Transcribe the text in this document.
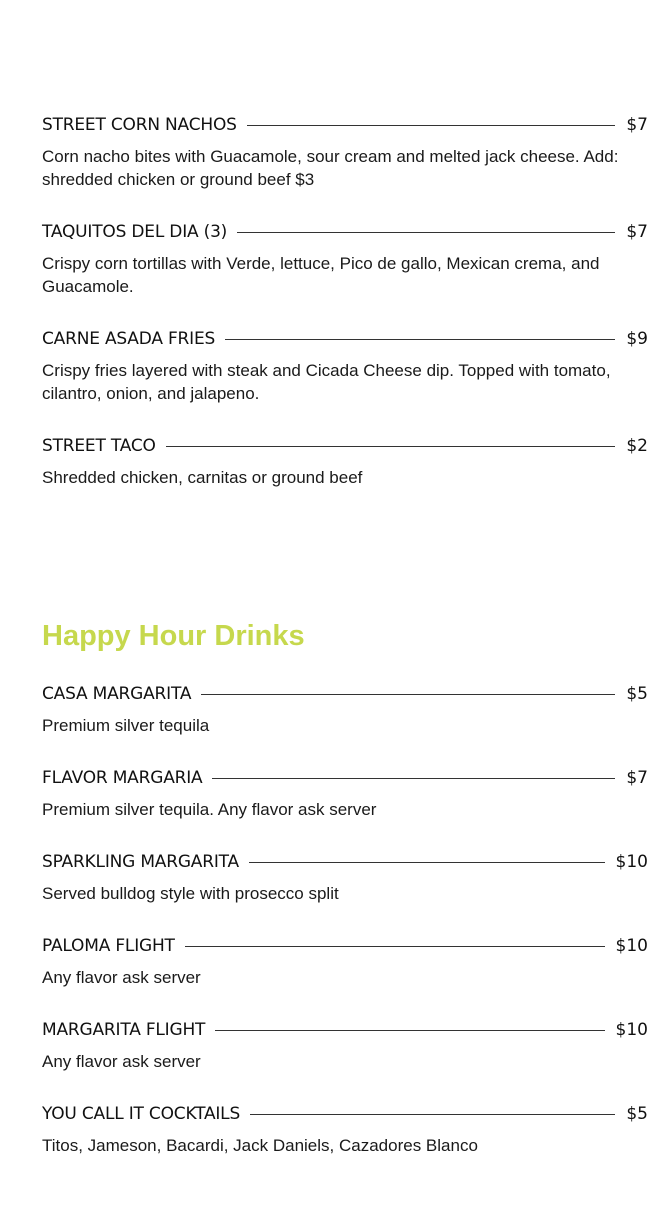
STREET CORN NACHOS	$7
Corn nacho bites with Guacamole, sour cream and melted jack cheese. Add: shredded chicken or ground beef $3
TAQUITOS DEL DIA (3)	$7
Crispy corn tortillas with Verde, lettuce, Pico de gallo, Mexican crema, and Guacamole.
CARNE ASADA FRIES	$9
Crispy fries layered with steak and Cicada Cheese dip. Topped with tomato, cilantro, onion, and jalapeno.
STREET TACO	$2
Shredded chicken, carnitas or ground beef
Happy Hour Drinks
CASA MARGARITA	$5
Premium silver tequila
FLAVOR MARGARIA	$7
Premium silver tequila. Any flavor ask server
SPARKLING MARGARITA	$10
Served bulldog style with prosecco split
PALOMA FLIGHT	$10
Any flavor ask server
MARGARITA FLIGHT	$10
Any flavor ask server
YOU CALL IT COCKTAILS	$5
Titos, Jameson, Bacardi, Jack Daniels, Cazadores Blanco
